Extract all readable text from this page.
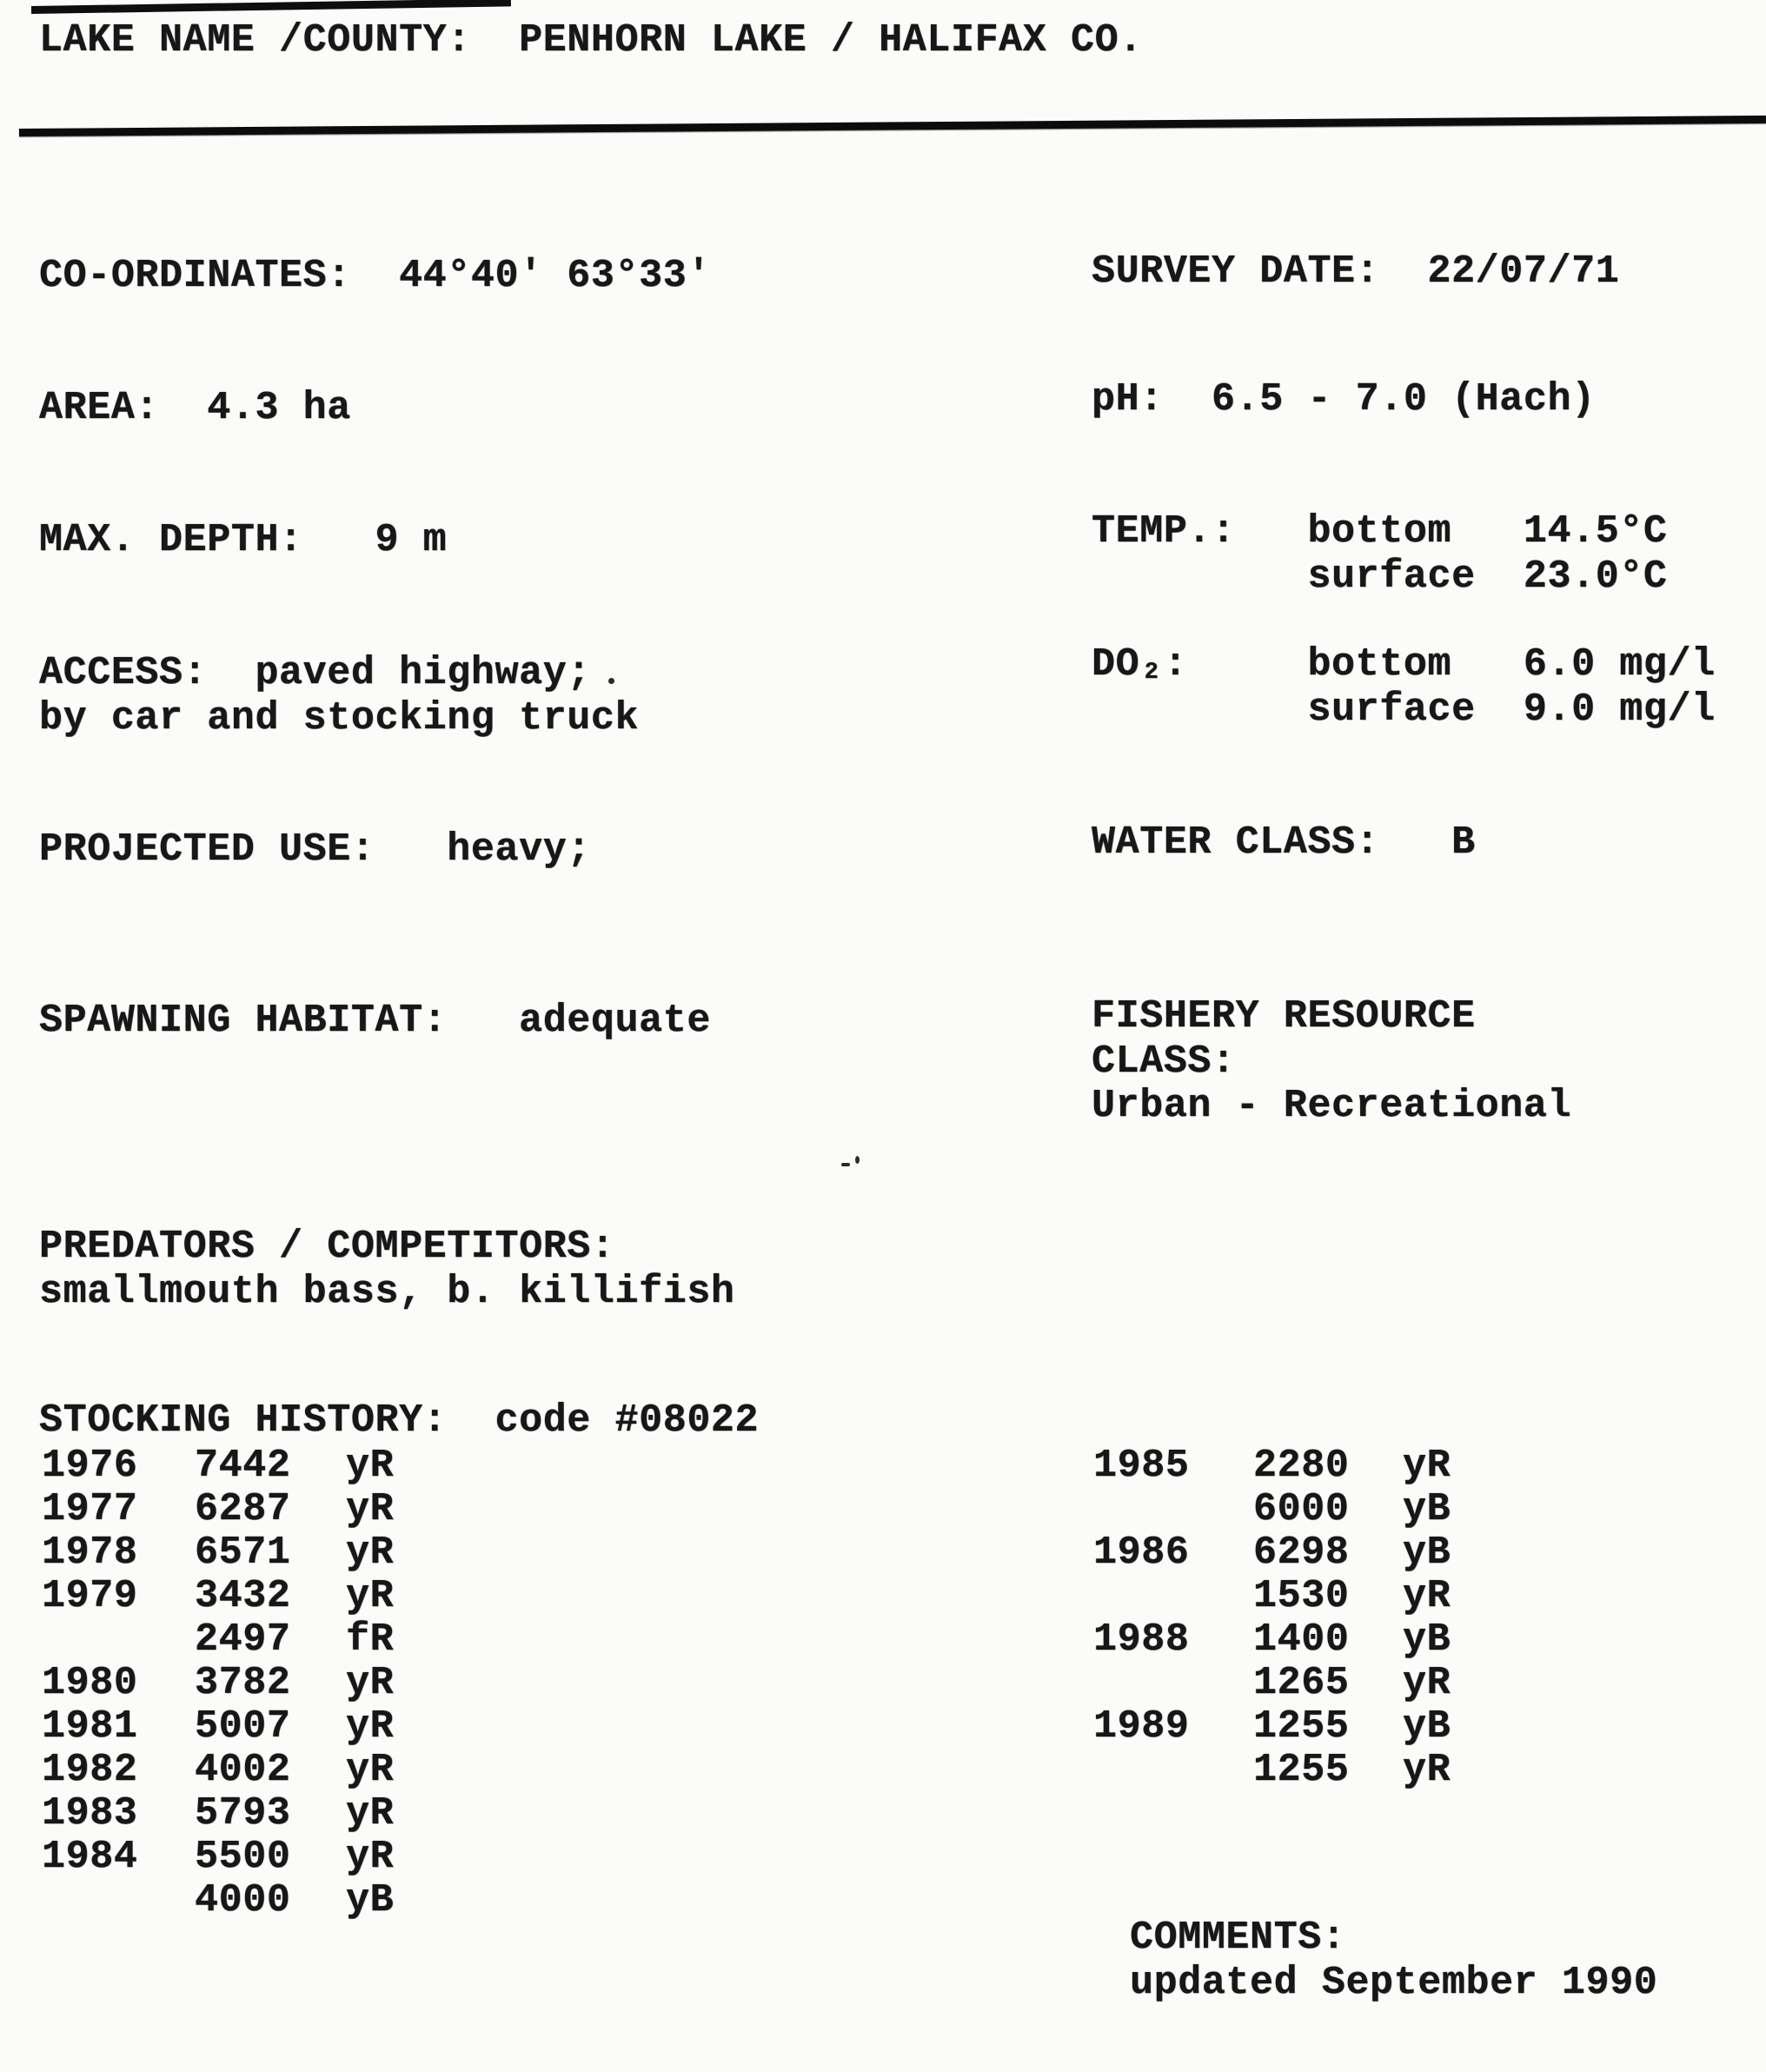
LAKE NAME /COUNTY:  PENHORN LAKE / HALIFAX CO.
CO-ORDINATES:  44°40' 63°33'
AREA:  4.3 ha
MAX. DEPTH:   9 m
ACCESS:  paved highway;
by car and stocking truck
PROJECTED USE:   heavy;
SPAWNING HABITAT:   adequate
PREDATORS / COMPETITORS:
smallmouth bass, b. killifish
STOCKING HISTORY:  code #08022
SURVEY DATE:  22/07/71
pH:  6.5 - 7.0 (Hach)
TEMP.:   bottom   14.5°C
surface  23.0°C
DO₂:     bottom   6.0 mg/l
surface  9.0 mg/l
WATER CLASS:   B
FISHERY RESOURCE
CLASS:
Urban - Recreational
1976 7442 yR
1977 6287 yR
1978 6571 yR
1979 3432 yR
2497 fR
1980 3782 yR
1981 5007 yR
1982 4002 yR
1983 5793 yR
1984 5500 yR
4000 yB
1985 2280 yR
6000 yB
1986 6298 yB
1530 yR
1988 1400 yB
1265 yR
1989 1255 yB
1255 yR
COMMENTS:
updated September 1990
